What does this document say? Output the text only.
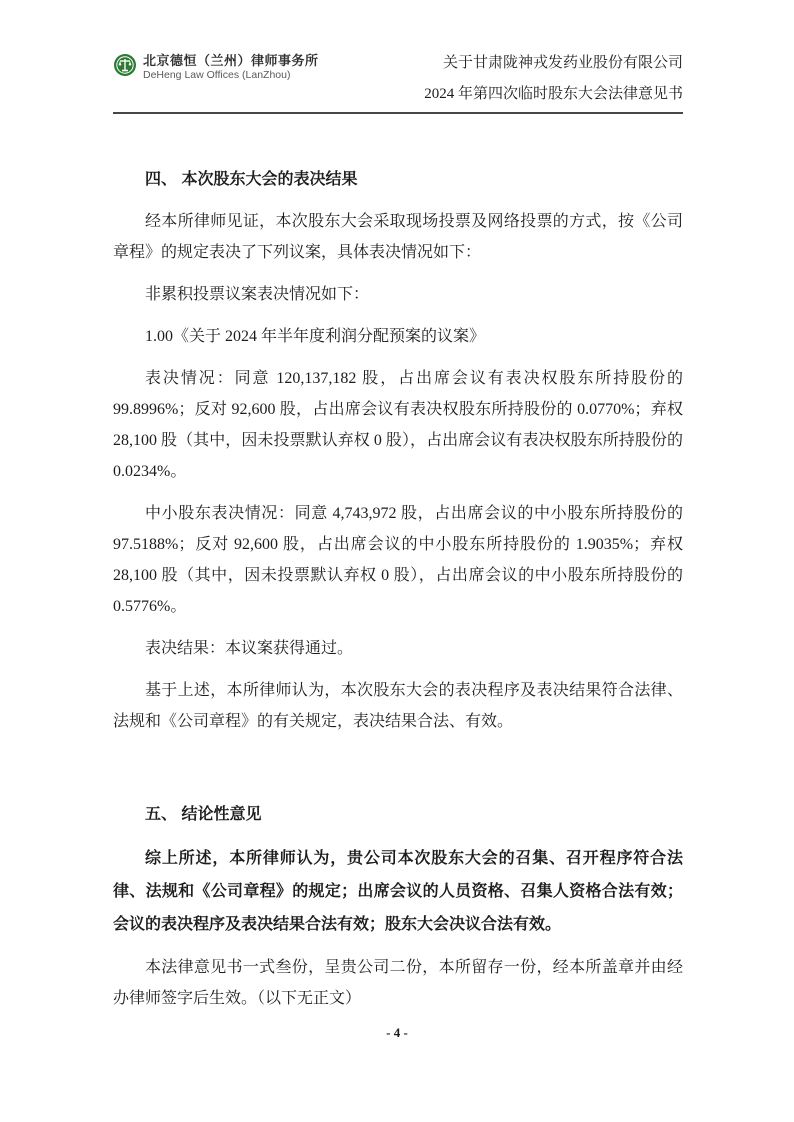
北京德恒（兰州）律师事务所
DeHeng Law Offices (LanZhou)
关于甘肃陇神戎发药业股份有限公司
2024 年第四次临时股东大会法律意见书
四、 本次股东大会的表决结果

经本所律师见证，本次股东大会采取现场投票及网络投票的方式，按《公司章程》的规定表决了下列议案，具体表决情况如下：

非累积投票议案表决情况如下：

1.00《关于 2024 年半年度利润分配预案的议案》

表决情况：同意 120,137,182 股，占出席会议有表决权股东所持股份的 99.8996%；反对 92,600 股，占出席会议有表决权股东所持股份的 0.0770%；弃权 28,100 股（其中，因未投票默认弃权 0 股），占出席会议有表决权股东所持股份的 0.0234%。

中小股东表决情况：同意 4,743,972 股，占出席会议的中小股东所持股份的 97.5188%；反对 92,600 股，占出席会议的中小股东所持股份的 1.9035%；弃权 28,100 股（其中，因未投票默认弃权 0 股），占出席会议的中小股东所持股份的 0.5776%。

表决结果：本议案获得通过。

基于上述，本所律师认为，本次股东大会的表决程序及表决结果符合法律、法规和《公司章程》的有关规定，表决结果合法、有效。

五、 结论性意见

综上所述，本所律师认为，贵公司本次股东大会的召集、召开程序符合法律、法规和《公司章程》的规定；出席会议的人员资格、召集人资格合法有效；会议的表决程序及表决结果合法有效；股东大会决议合法有效。

本法律意见书一式叁份，呈贵公司二份，本所留存一份，经本所盖章并由经办律师签字后生效。（以下无正文）

- 4 -
